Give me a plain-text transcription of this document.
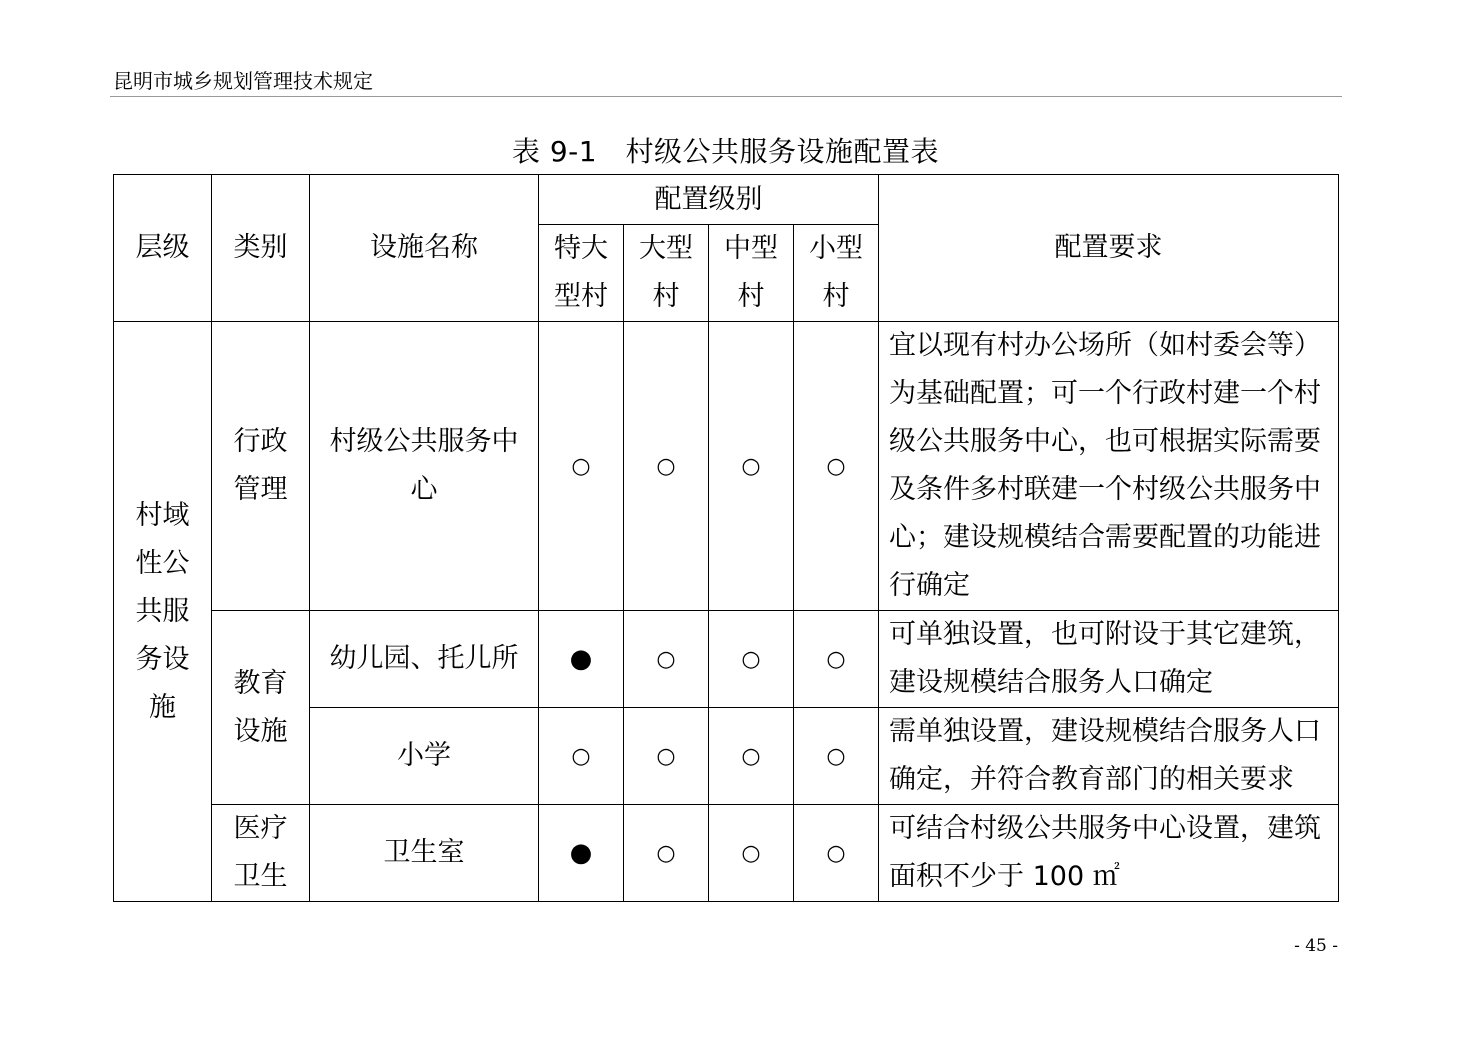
昆明市城乡规划管理技术规定
表 9-1　村级公共服务设施配置表
层级	类别	设施名称	配置级别				配置要求
			特大型村	大型村	中型村	小型村	
村域性公共服务设施	行政管理	村级公共服务中心	○	○	○	○	宜以现有村办公场所（如村委会等）为基础配置；可一个行政村建一个村级公共服务中心，也可根据实际需要及条件多村联建一个村级公共服务中心；建设规模结合需要配置的功能进行确定
	教育设施	幼儿园、托儿所	●	○	○	○	可单独设置，也可附设于其它建筑，建设规模结合服务人口确定
		小学	○	○	○	○	需单独设置，建设规模结合服务人口确定，并符合教育部门的相关要求
	医疗卫生	卫生室	●	○	○	○	可结合村级公共服务中心设置，建筑面积不少于 100 ㎡
- 45 -
